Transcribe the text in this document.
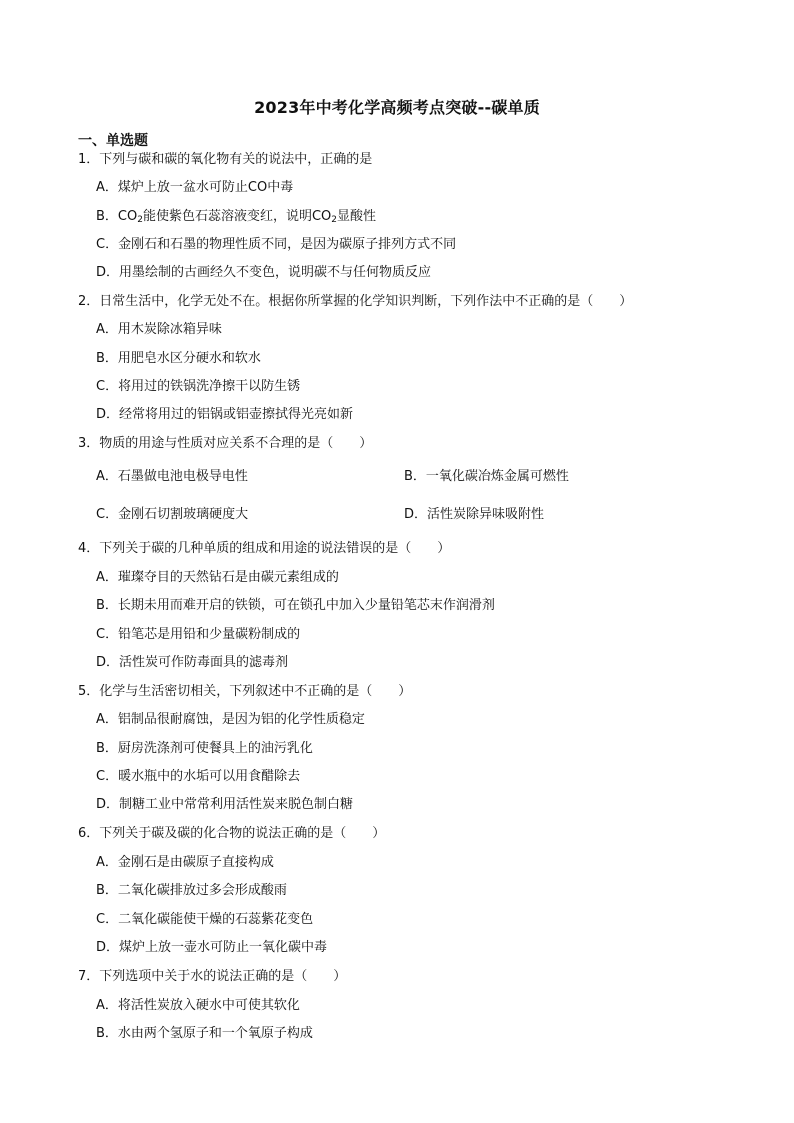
2023年中考化学高频考点突破--碳单质
一、单选题
1．下列与碳和碳的氧化物有关的说法中，正确的是
A．煤炉上放一盆水可防止CO中毒
B．$CO_2$能使紫色石蕊溶液变红，说明$CO_2$显酸性
C．金刚石和石墨的物理性质不同，是因为碳原子排列方式不同
D．用墨绘制的古画经久不变色，说明碳不与任何物质反应
2．日常生活中，化学无处不在。根据你所掌握的化学知识判断，下列作法中不正确的是（　　）
A．用木炭除冰箱异味
B．用肥皂水区分硬水和软水
C．将用过的铁锅洗净擦干以防生锈
D．经常将用过的铝锅或铝壶擦拭得光亮如新
3．物质的用途与性质对应关系不合理的是（　　）
A．石墨做电池电极导电性	B．一氧化碳冶炼金属可燃性
C．金刚石切割玻璃硬度大	D．活性炭除异味吸附性
4．下列关于碳的几种单质的组成和用途的说法错误的是（　　）
A．璀璨夺目的天然钻石是由碳元素组成的
B．长期未用而难开启的铁锁，可在锁孔中加入少量铅笔芯末作润滑剂
C．铅笔芯是用铅和少量碳粉制成的
D．活性炭可作防毒面具的滤毒剂
5．化学与生活密切相关，下列叙述中不正确的是（　　）
A．铝制品很耐腐蚀，是因为铝的化学性质稳定
B．厨房洗涤剂可使餐具上的油污乳化
C．暖水瓶中的水垢可以用食醋除去
D．制糖工业中常常利用活性炭来脱色制白糖
6．下列关于碳及碳的化合物的说法正确的是（　　）
A．金刚石是由碳原子直接构成
B．二氧化碳排放过多会形成酸雨
C．二氧化碳能使干燥的石蕊紫花变色
D．煤炉上放一壶水可防止一氧化碳中毒
7．下列选项中关于水的说法正确的是（　　）
A．将活性炭放入硬水中可使其软化
B．水由两个氢原子和一个氧原子构成
